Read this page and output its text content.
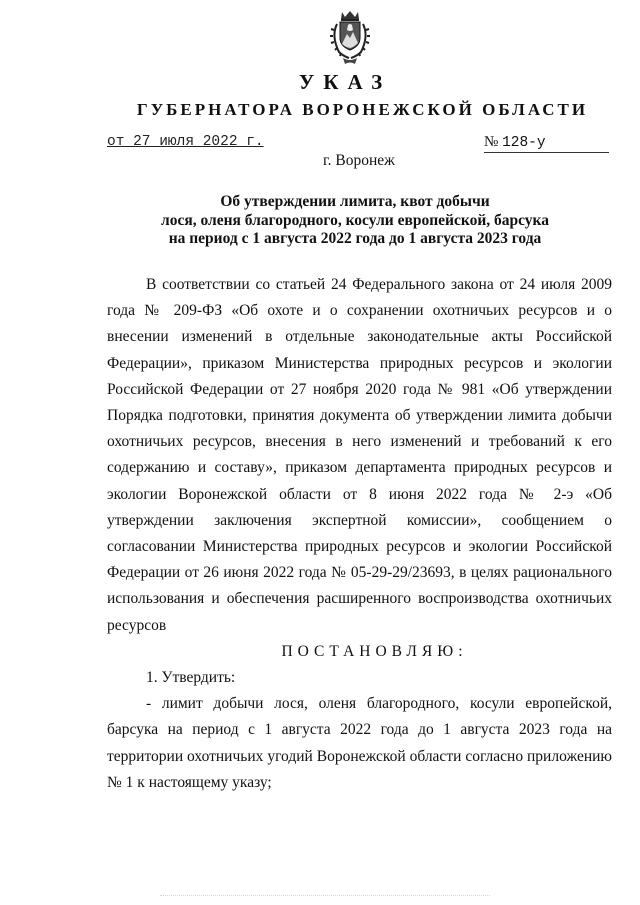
УКАЗ
ГУБЕРНАТОРА ВОРОНЕЖСКОЙ ОБЛАСТИ
от 27 июля 2022 г.	№ 128-у
г. Воронеж
Об утверждении лимита, квот добычи
лося, оленя благородного, косули европейской, барсука
на период с 1 августа 2022 года до 1 августа 2023 года

В соответствии со статьей 24 Федерального закона от 24 июля 2009 года № 209-ФЗ «Об охоте и о сохранении охотничьих ресурсов и о внесении изменений в отдельные законодательные акты Российской Федерации», приказом Министерства природных ресурсов и экологии Российской Федерации от 27 ноября 2020 года № 981 «Об утверждении Порядка подготовки, принятия документа об утверждении лимита добычи охотничьих ресурсов, внесения в него изменений и требований к его содержанию и составу», приказом департамента природных ресурсов и экологии Воронежской области от 8 июня 2022 года № 2-э «Об утверждении заключения экспертной комиссии», сообщением о согласовании Министерства природных ресурсов и экологии Российской Федерации от 26 июня 2022 года № 05-29-29/23693, в целях рационального использования и обеспечения расширенного воспроизводства охотничьих ресурсов

ПОСТАНОВЛЯЮ:

1. Утвердить:

- лимит добычи лося, оленя благородного, косули европейской, барсука на период с 1 августа 2022 года до 1 августа 2023 года на территории охотничьих угодий Воронежской области согласно приложению № 1 к настоящему указу;
